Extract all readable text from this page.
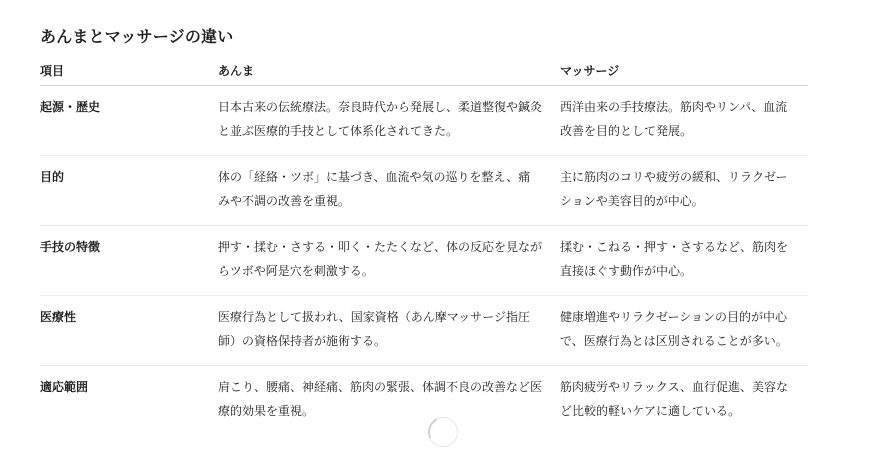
あんまとマッサージの違い
項目	あんま	マッサージ
起源・歴史	日本古来の伝統療法。奈良時代から発展し、柔道整復や鍼灸と並ぶ医療的手技として体系化されてきた。	西洋由来の手技療法。筋肉やリンパ、血流改善を目的として発展。

目的	体の「経絡・ツボ」に基づき、血流や気の巡りを整え、痛みや不調の改善を重視。	主に筋肉のコリや疲労の緩和、リラクゼーションや美容目的が中心。

手技の特徴	押す・揉む・さする・叩く・たたくなど、体の反応を見ながらツボや阿是穴を刺激する。	揉む・こねる・押す・さするなど、筋肉を直接ほぐす動作が中心。

医療性	医療行為として扱われ、国家資格（あん摩マッサージ指圧師）の資格保持者が施術する。	健康増進やリラクゼーションの目的が中心で、医療行為とは区別されることが多い。

適応範囲	肩こり、腰痛、神経痛、筋肉の緊張、体調不良の改善など医療的効果を重視。	筋肉疲労やリラックス、血行促進、美容など比較的軽いケアに適している。
